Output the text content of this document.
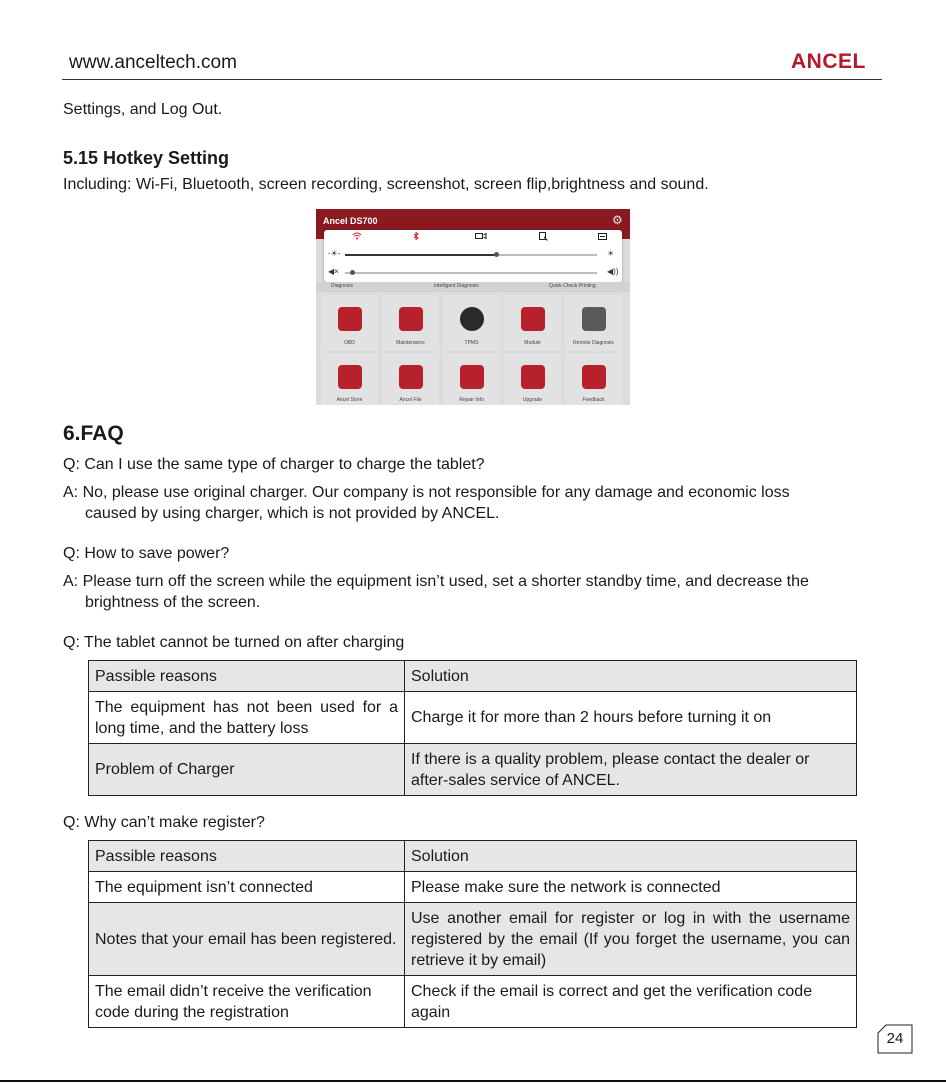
www.anceltech.com	ANCEL
Settings, and Log Out.
5.15 Hotkey Setting
Including: Wi-Fi, Bluetooth, screen recording, screenshot, screen flip,brightness and sound.
Ancel DS700	⚙
-☀-	☀
◀×	◀))
Diagnosis	Intelligent Diagnosis	Quick Check Printing
OBD	Maintenance	TPMS	Module	Remote Diagnosis
Ancel Store	Ancel File	Repair Info	Upgrade	Feedback
6.FAQ
Q: Can I use the same type of charger to charge the tablet?
A: No, please use original charger. Our company is not responsible for any damage and economic loss
caused by using charger, which is not provided by ANCEL.
Q: How to save power?
A: Please turn off the screen while the equipment isn’t used, set a shorter standby time, and decrease the
brightness of the screen.
Q: The tablet cannot be turned on after charging
Passible reasons	Solution
The equipment has not been used for a long time, and the battery loss	Charge it for more than 2 hours before turning it on
Problem of Charger	If there is a quality problem, please contact the dealer or after-sales service of ANCEL.
Q: Why can’t make register?
Passible reasons	Solution
The equipment isn’t connected	Please make sure the network is connected
Notes that your email has been registered.	Use another email for register or log in with the username registered by the email (If you forget the username, you can retrieve it by email)
The email didn’t receive the verification code during the registration	Check if the email is correct and get the verification code again
24
